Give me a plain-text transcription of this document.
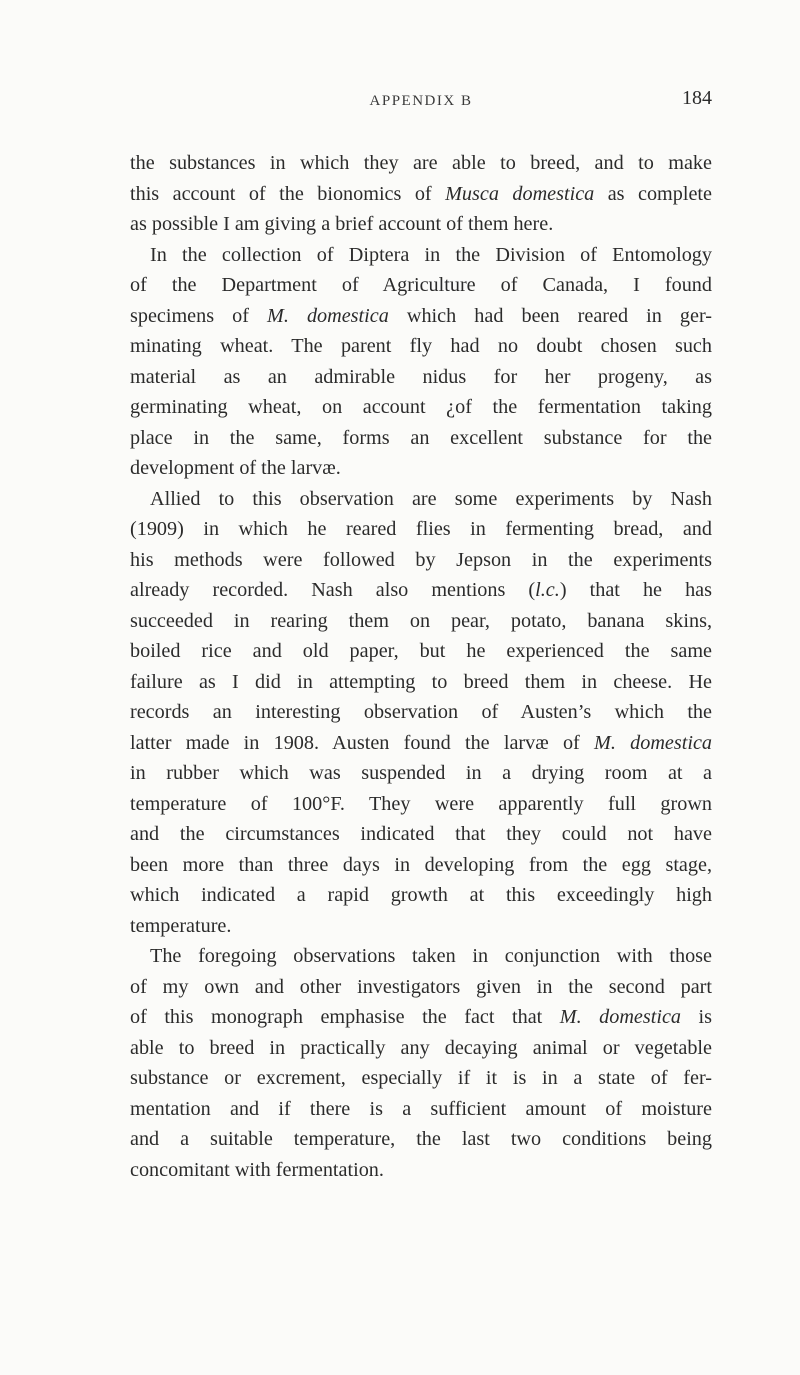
APPENDIX B	184
the substances in which they are able to breed, and to make
this account of the bionomics of Musca domestica as complete
as possible I am giving a brief account of them here.
In the collection of Diptera in the Division of Entomology
of the Department of Agriculture of Canada, I found
specimens of M. domestica which had been reared in ger-
minating wheat. The parent fly had no doubt chosen such
material as an admirable nidus for her progeny, as
germinating wheat, on account ¿of the fermentation taking
place in the same, forms an excellent substance for the
development of the larvæ.
Allied to this observation are some experiments by Nash
(1909) in which he reared flies in fermenting bread, and
his methods were followed by Jepson in the experiments
already recorded. Nash also mentions (l.c.) that he has
succeeded in rearing them on pear, potato, banana skins,
boiled rice and old paper, but he experienced the same
failure as I did in attempting to breed them in cheese. He
records an interesting observation of Austen’s which the
latter made in 1908. Austen found the larvæ of M. domestica
in rubber which was suspended in a drying room at a
temperature of 100°F. They were apparently full grown
and the circumstances indicated that they could not have
been more than three days in developing from the egg stage,
which indicated a rapid growth at this exceedingly high
temperature.
The foregoing observations taken in conjunction with those
of my own and other investigators given in the second part
of this monograph emphasise the fact that M. domestica is
able to breed in practically any decaying animal or vegetable
substance or excrement, especially if it is in a state of fer-
mentation and if there is a sufficient amount of moisture
and a suitable temperature, the last two conditions being
concomitant with fermentation.
